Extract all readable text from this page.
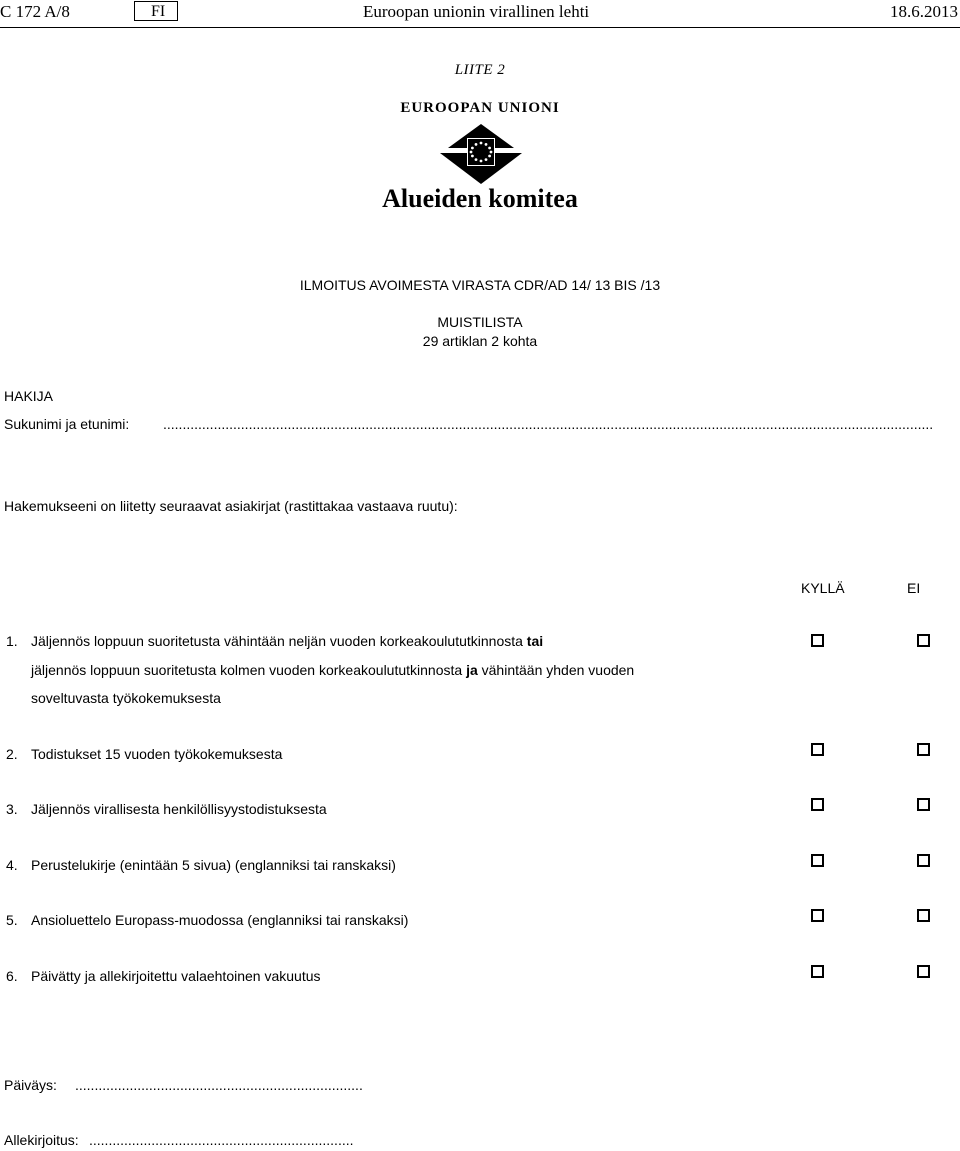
C 172 A/8	FI	Euroopan unionin virallinen lehti	18.6.2013
LIITE 2
EUROOPAN UNIONI
Alueiden komitea
ILMOITUS AVOIMESTA VIRASTA CDR/AD 14/ 13 BIS /13
MUISTILISTA
29 artiklan 2 kohta
HAKIJA
Sukunimi ja etunimi: ......................................................................................................................................................................................................
Hakemukseeni on liitetty seuraavat asiakirjat (rastittakaa vastaava ruutu):
KYLLÄ	EI
1. Jäljennös loppuun suoritetusta vähintään neljän vuoden korkeakoulututkinnosta tai
jäljennös loppuun suoritetusta kolmen vuoden korkeakoulututkinnosta ja vähintään yhden vuoden
soveltuvasta työkokemuksesta
2. Todistukset 15 vuoden työkokemuksesta
3. Jäljennös virallisesta henkilöllisyystodistuksesta
4. Perustelukirje (enintään 5 sivua) (englanniksi tai ranskaksi)
5. Ansioluettelo Europass-muodossa (englanniksi tai ranskaksi)
6. Päivätty ja allekirjoitettu valaehtoinen vakuutus
Päiväys: ..........................................................................
Allekirjoitus: ....................................................................
